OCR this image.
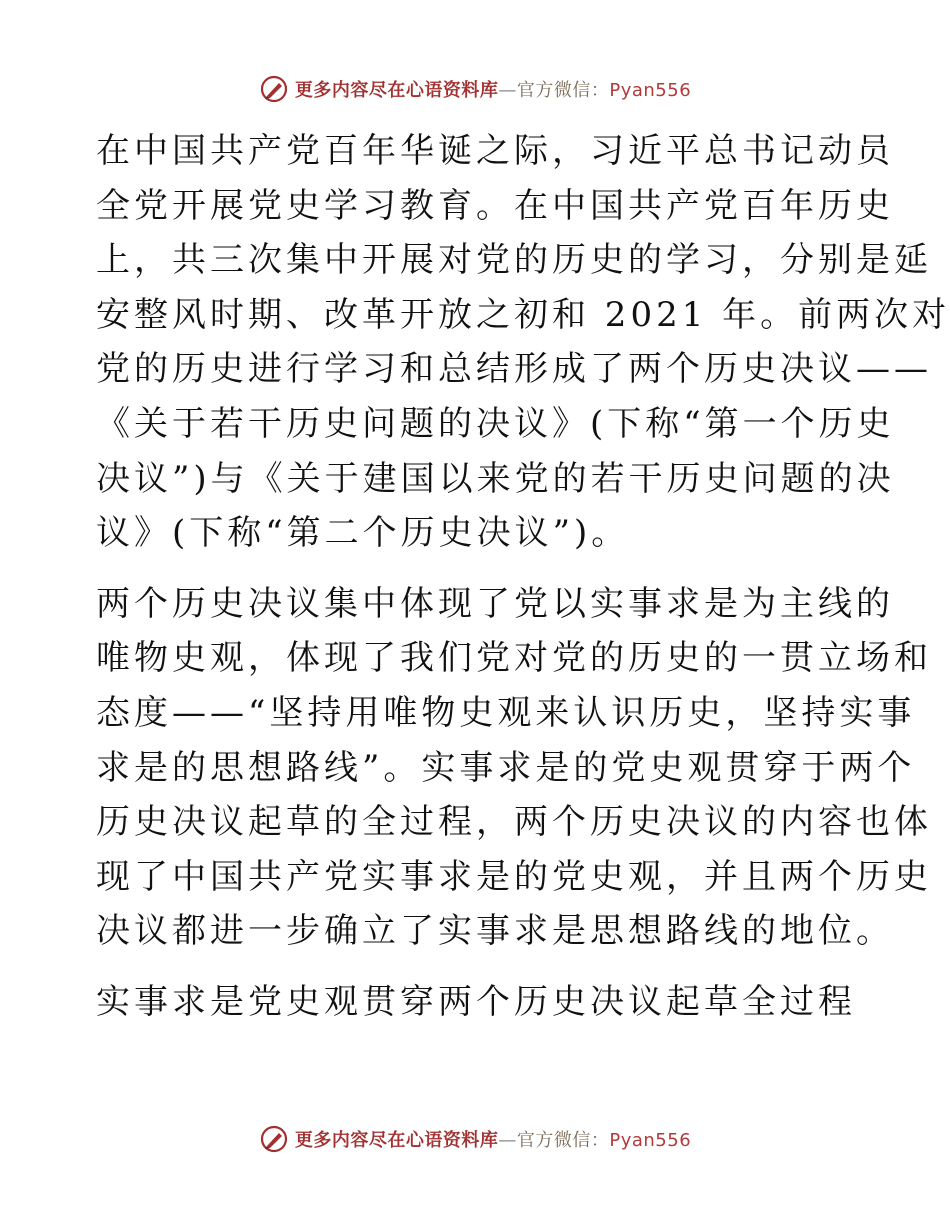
更多内容尽在心语资料库—官方微信：Pyan556

在中国共产党百年华诞之际，习近平总书记动员
全党开展党史学习教育。在中国共产党百年历史
上，共三次集中开展对党的历史的学习，分别是延
安整风时期、改革开放之初和 2021 年。前两次对
党的历史进行学习和总结形成了两个历史决议——
《关于若干历史问题的决议》(下称“第一个历史
决议”)与《关于建国以来党的若干历史问题的决
议》(下称“第二个历史决议”)。

两个历史决议集中体现了党以实事求是为主线的
唯物史观，体现了我们党对党的历史的一贯立场和
态度——“坚持用唯物史观来认识历史，坚持实事
求是的思想路线”。实事求是的党史观贯穿于两个
历史决议起草的全过程，两个历史决议的内容也体
现了中国共产党实事求是的党史观，并且两个历史
决议都进一步确立了实事求是思想路线的地位。

实事求是党史观贯穿两个历史决议起草全过程

更多内容尽在心语资料库—官方微信：Pyan556
